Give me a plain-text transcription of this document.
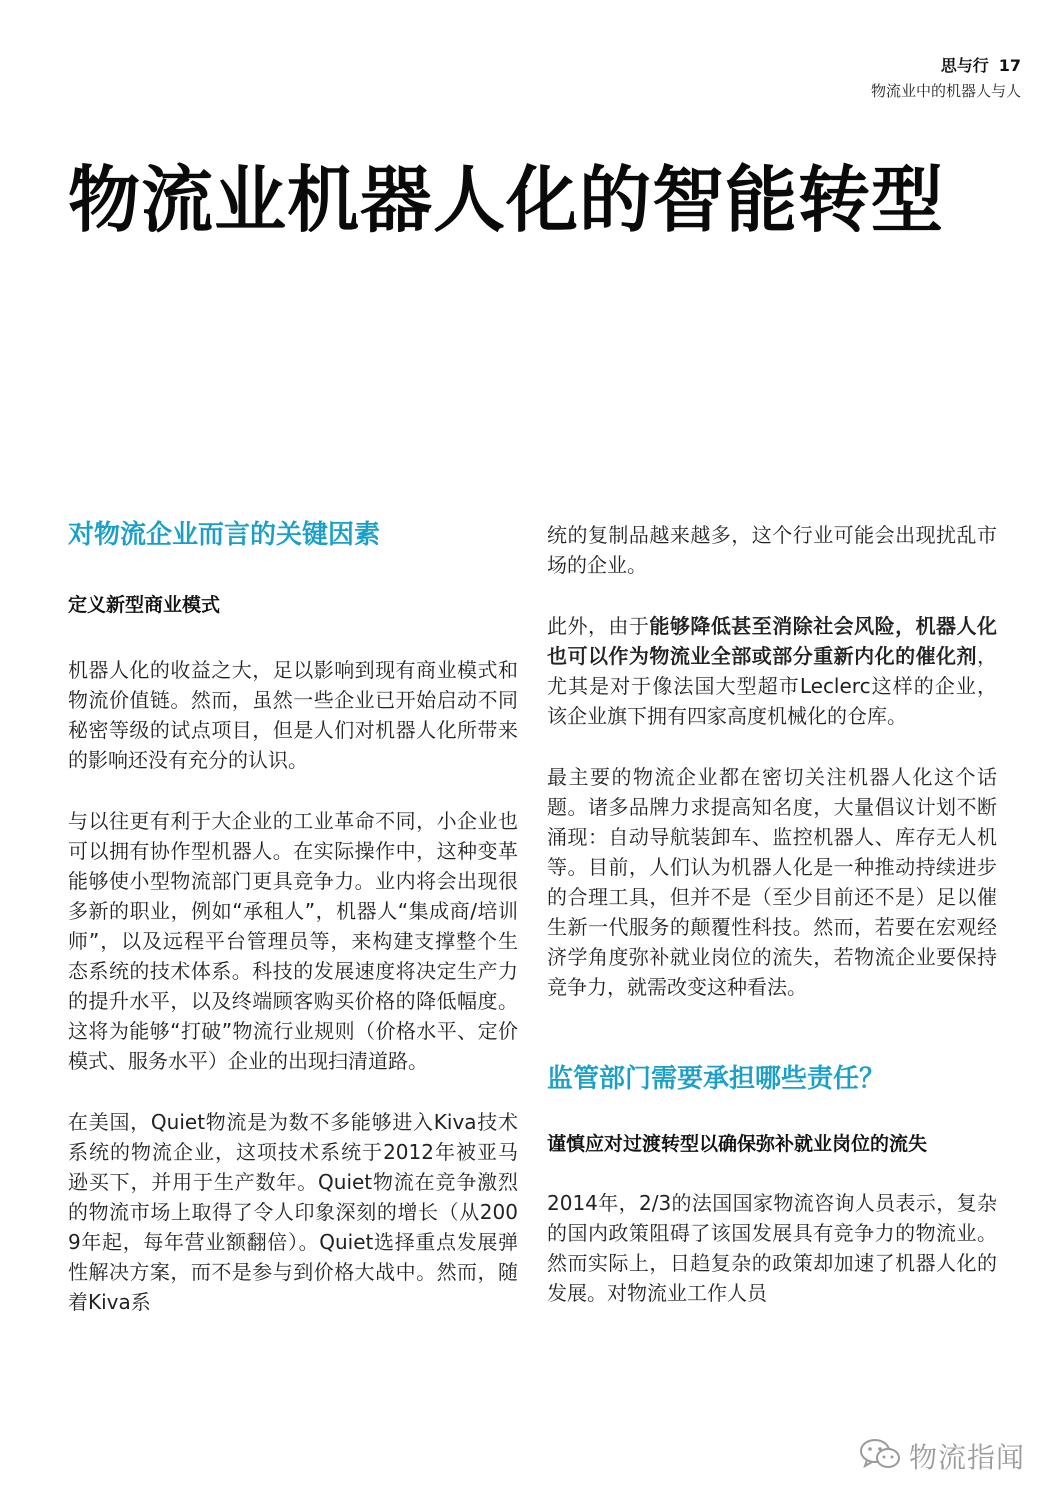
思与行 17
物流业中的机器人与人
物流业机器人化的智能转型
对物流企业而言的关键因素
定义新型商业模式

机器人化的收益之大，足以影响到现有商业模式和物流价值链。然而，虽然一些企业已开始启动不同秘密等级的试点项目，但是人们对机器人化所带来的影响还没有充分的认识。

与以往更有利于大企业的工业革命不同，小企业也可以拥有协作型机器人。在实际操作中，这种变革能够使小型物流部门更具竞争力。业内将会出现很多新的职业，例如“承租人”，机器人“集成商/培训师”，以及远程平台管理员等，来构建支撑整个生态系统的技术体系。科技的发展速度将决定生产力的提升水平，以及终端顾客购买价格的降低幅度。这将为能够“打破”物流行业规则（价格水平、定价模式、服务水平）企业的出现扫清道路。

在美国，Quiet物流是为数不多能够进入Kiva技术系统的物流企业，这项技术系统于2012年被亚马逊买下，并用于生产数年。Quiet物流在竞争激烈的物流市场上取得了令人印象深刻的增长（从2009年起，每年营业额翻倍）。Quiet选择重点发展弹性解决方案，而不是参与到价格大战中。然而，随着Kiva系

统的复制品越来越多，这个行业可能会出现扰乱市场的企业。

此外，由于能够降低甚至消除社会风险，机器人化也可以作为物流业全部或部分重新内化的催化剂，尤其是对于像法国大型超市Leclerc这样的企业，该企业旗下拥有四家高度机械化的仓库。

最主要的物流企业都在密切关注机器人化这个话题。诸多品牌力求提高知名度，大量倡议计划不断涌现：自动导航装卸车、监控机器人、库存无人机等。目前，人们认为机器人化是一种推动持续进步的合理工具，但并不是（至少目前还不是）足以催生新一代服务的颠覆性科技。然而，若要在宏观经济学角度弥补就业岗位的流失，若物流企业要保持竞争力，就需改变这种看法。

监管部门需要承担哪些责任？
谨慎应对过渡转型以确保弥补就业岗位的流失

2014年，2/3的法国国家物流咨询人员表示，复杂的国内政策阻碍了该国发展具有竞争力的物流业。然而实际上，日趋复杂的政策却加速了机器人化的发展。对物流业工作人员

物流指闻
